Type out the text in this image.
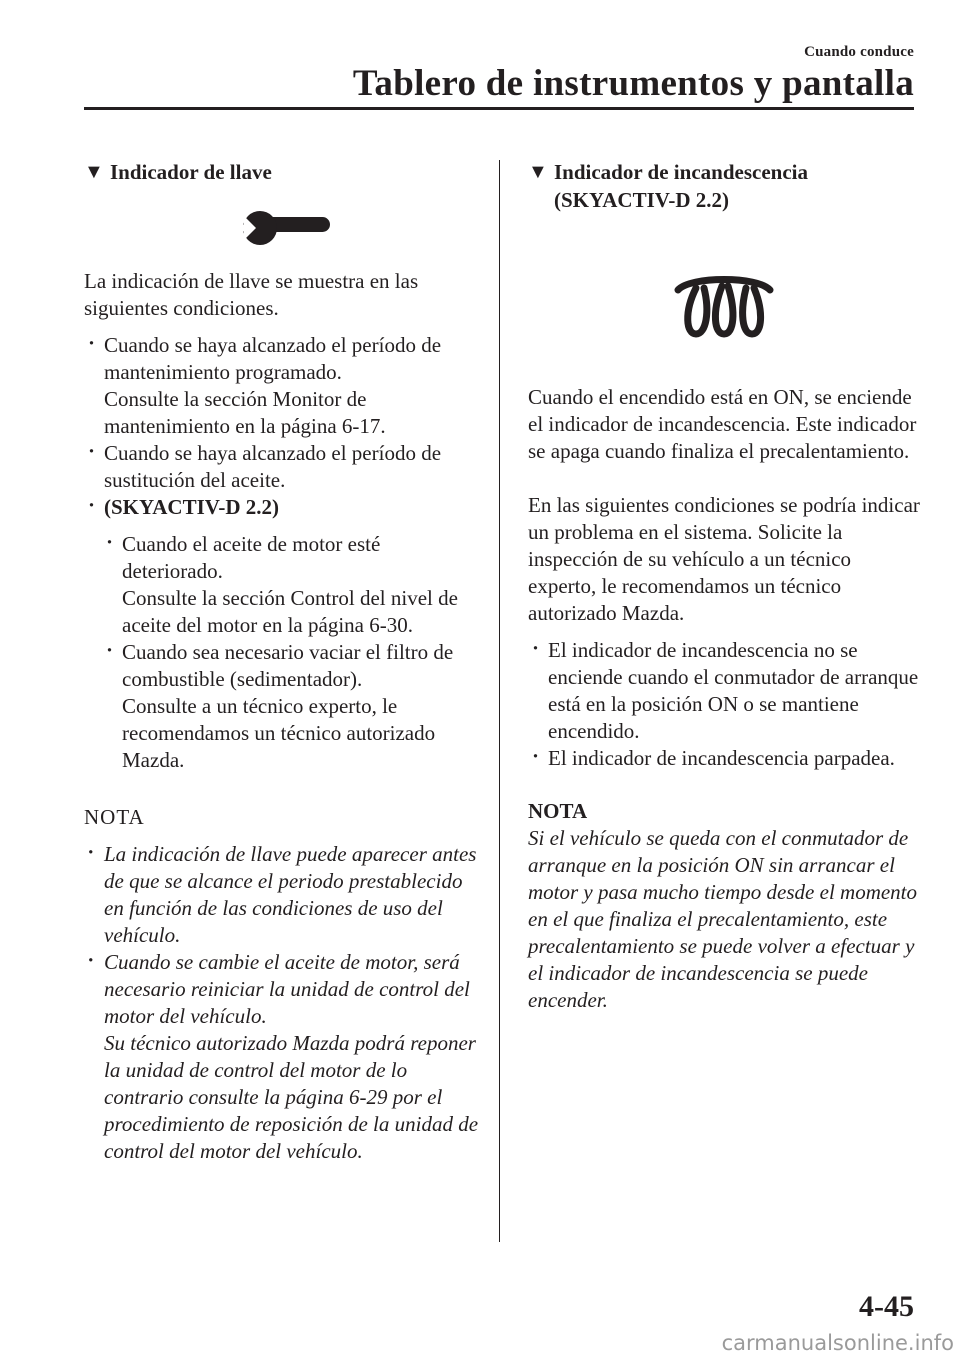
Cuando conduce
Tablero de instrumentos y pantalla
▼ Indicador de llave

La indicación de llave se muestra en las siguientes condiciones.

· Cuando se haya alcanzado el período de mantenimiento programado.
Consulte la sección Monitor de mantenimiento en la página 6-17.
· Cuando se haya alcanzado el período de sustitución del aceite.
· (SKYACTIV-D 2.2)
· Cuando el aceite de motor esté deteriorado.
Consulte la sección Control del nivel de aceite del motor en la página 6-30.
· Cuando sea necesario vaciar el filtro de combustible (sedimentador).
Consulte a un técnico experto, le recomendamos un técnico autorizado Mazda.
NOTA
· La indicación de llave puede aparecer antes de que se alcance el periodo prestablecido en función de las condiciones de uso del vehículo.
· Cuando se cambie el aceite de motor, será necesario reiniciar la unidad de control del motor del vehículo.
Su técnico autorizado Mazda podrá reponer la unidad de control del motor de lo contrario consulte la página 6-29 por el procedimiento de reposición de la unidad de control del motor del vehículo.
▼ Indicador de incandescencia
(SKYACTIV-D 2.2)

Cuando el encendido está en ON, se enciende el indicador de incandescencia. Este indicador se apaga cuando finaliza el precalentamiento.

En las siguientes condiciones se podría indicar un problema en el sistema. Solicite la inspección de su vehículo a un técnico experto, le recomendamos un técnico autorizado Mazda.

· El indicador de incandescencia no se enciende cuando el conmutador de arranque está en la posición ON o se mantiene encendido.
· El indicador de incandescencia parpadea.
NOTA

Si el vehículo se queda con el conmutador de arranque en la posición ON sin arrancar el motor y pasa mucho tiempo desde el momento en el que finaliza el precalentamiento, este precalentamiento se puede volver a efectuar y el indicador de incandescencia se puede encender.

4-45
carmanualsonline.info
